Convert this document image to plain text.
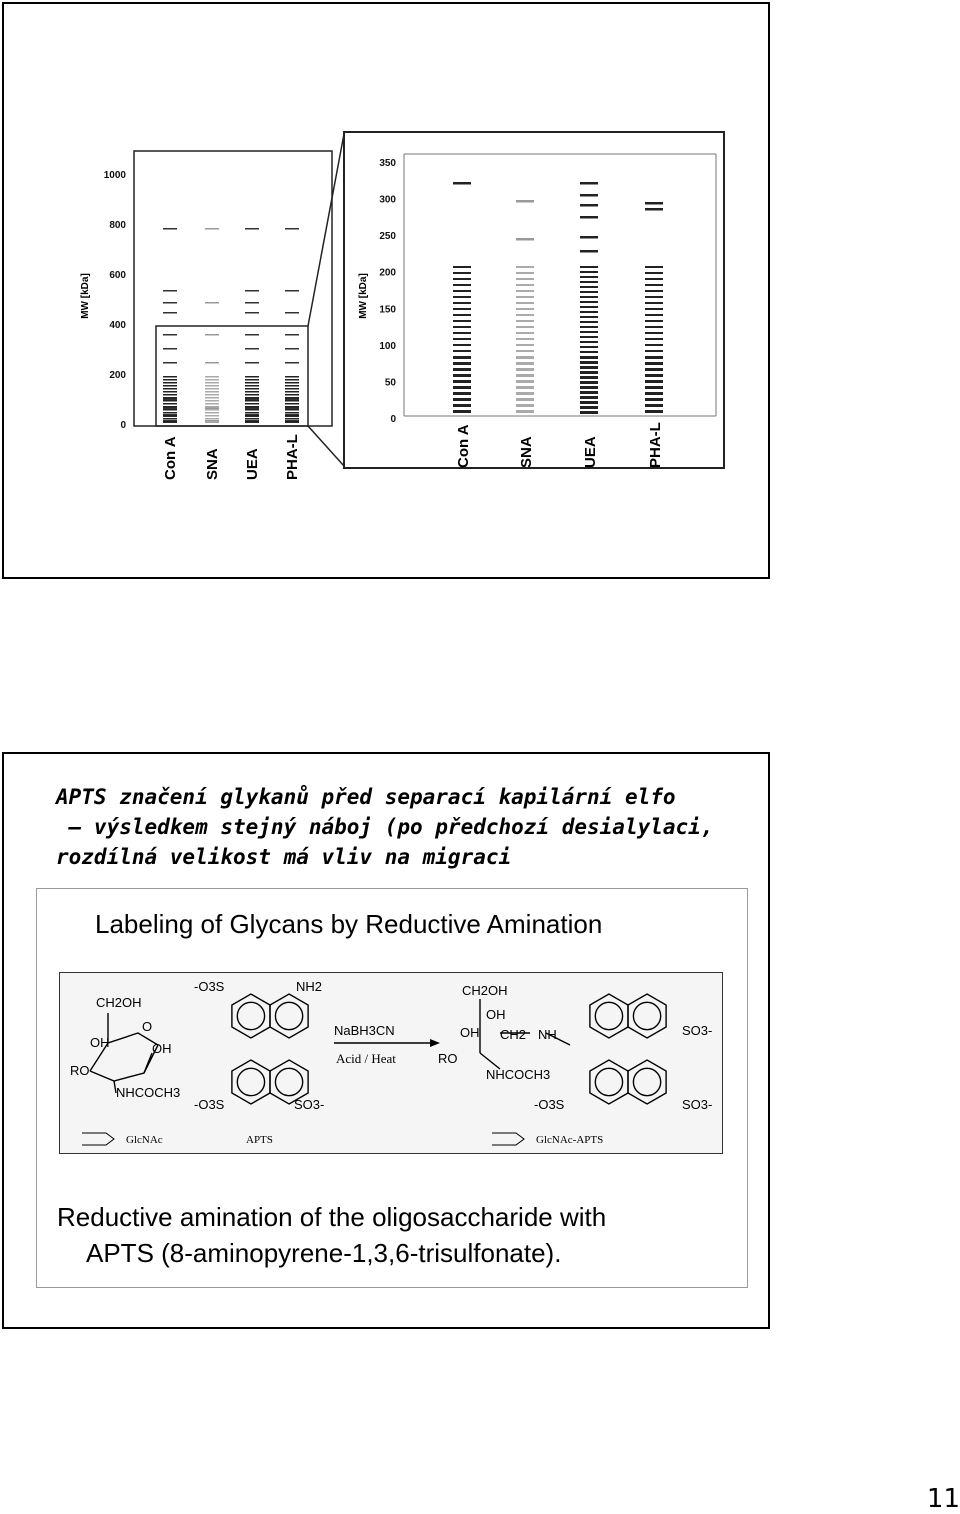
1000
800
600
400
200
0
MW [kDa]
Con A SNA UEA PHA-L
350
300
250
200
150
100
50
0
MW [kDa]
Con A	SNA	UEA	PHA-L
APTS značení glykanů před separací kapilární elfo
– výsledkem stejný náboj (po předchozí desialylaci,
rozdílná velikost má vliv na migraci
Labeling of Glycans by Reductive Amination
CH2OH
O
OH	OH
RO
NHCOCH3
-O3S	NH2
-O3S	SO3-
NaBH3CN
Acid / Heat
CH2OH
OH
OH CH2 NH
RO
NHCOCH3
SO3-
-O3S	SO3-
GlcNAc	APTS	GlcNAc-APTS
Reductive amination of the oligosaccharide with
APTS (8-aminopyrene-1,3,6-trisulfonate).
11
